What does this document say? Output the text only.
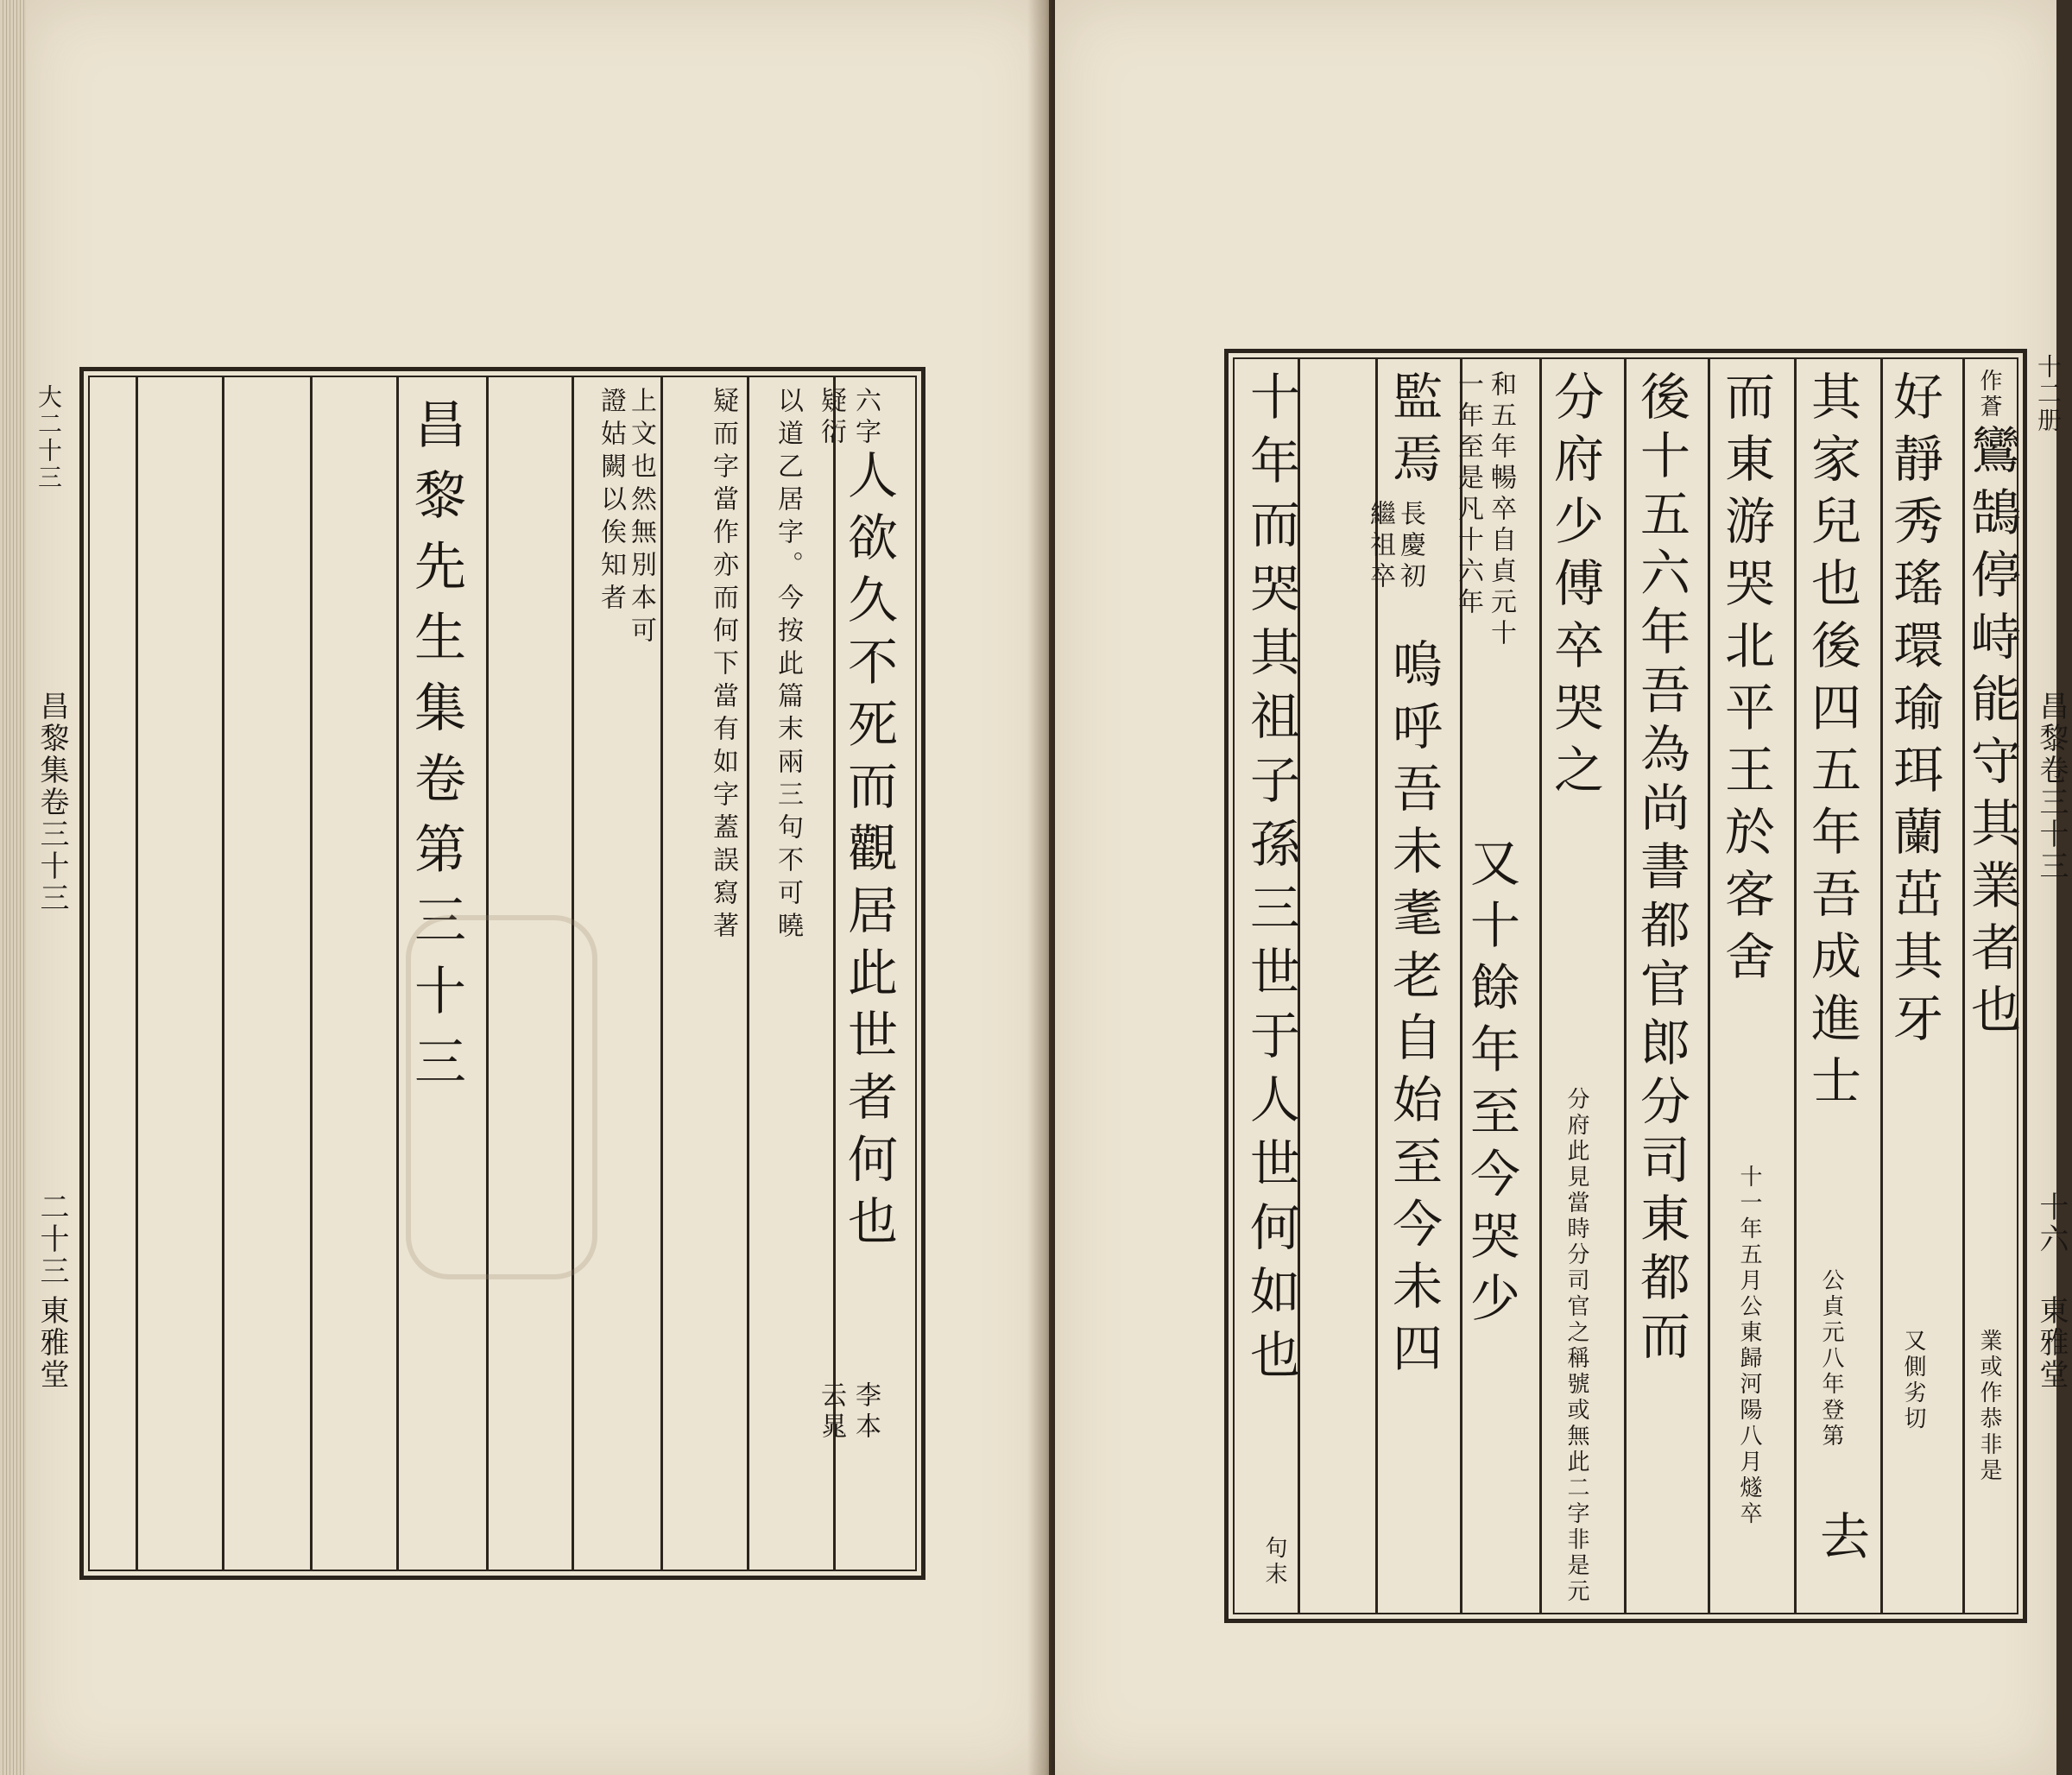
昌黎先生集卷第三十三	六字
人欲久不死而觀居此世者何也
李本
疑衍
云晁
以道乙居字。今按此篇末兩三句不可曉
疑而字當作亦而何下當有如字蓋誤寫著
上文也然無別本可
證姑闕以俟知者
大二十三
昌黎集卷三十三
二十三
東雅堂
作蒼
鸞鵠停峙能守其業者也
好靜秀瑤環瑜珥蘭茁其牙
其家兒也後四五年吾成進士
而東游哭北平王於客舍
後十五六年吾為尚書都官郎分司東都而
分府少傅卒哭之
和五年暢卒自貞元十
一年至是凡十六年
又十餘年至今哭少
監焉
長慶初
繼祖卒
嗚呼吾未耄老自始至今未四
十年而哭其祖子孫三世于人世何如也
業或作恭非是
又側劣切
公貞元八年登第
十一年五月公東歸河陽八月燧卒
分府此見當時分司官之稱號或無此二字非是元
句末	去
十二册
昌黎卷三十三
十六
東雅堂
